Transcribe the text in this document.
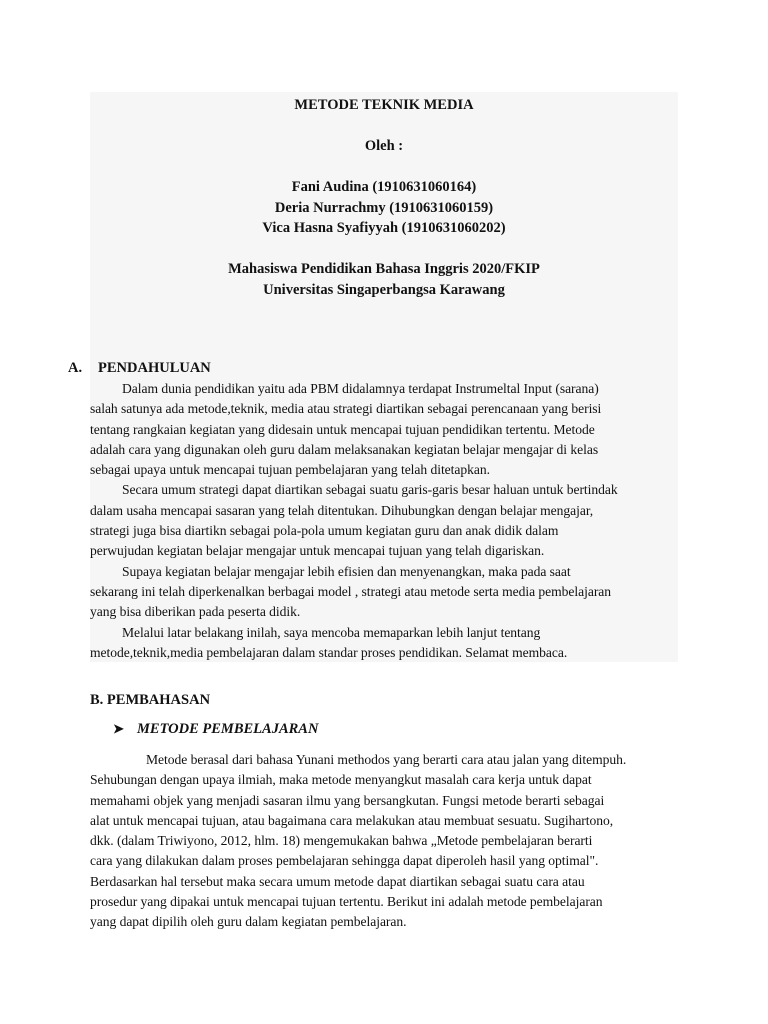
METODE TEKNIK MEDIA
Oleh :
Fani Audina (1910631060164)
Deria Nurrachmy (1910631060159)
Vica Hasna Syafiyyah (1910631060202)
Mahasiswa Pendidikan Bahasa Inggris 2020/FKIP
Universitas Singaperbangsa Karawang
A. PENDAHULUAN
Dalam dunia pendidikan yaitu ada PBM didalamnya terdapat Instrumeltal Input (sarana)
salah satunya ada metode,teknik, media atau strategi diartikan sebagai perencanaan yang berisi
tentang rangkaian kegiatan yang didesain untuk mencapai tujuan pendidikan tertentu. Metode
adalah cara yang digunakan oleh guru dalam melaksanakan kegiatan belajar mengajar di kelas
sebagai upaya untuk mencapai tujuan pembelajaran yang telah ditetapkan.
Secara umum strategi dapat diartikan sebagai suatu garis-garis besar haluan untuk bertindak
dalam usaha mencapai sasaran yang telah ditentukan. Dihubungkan dengan belajar mengajar,
strategi juga bisa diartikn sebagai pola-pola umum kegiatan guru dan anak didik dalam
perwujudan kegiatan belajar mengajar untuk mencapai tujuan yang telah digariskan.
Supaya kegiatan belajar mengajar lebih efisien dan menyenangkan, maka pada saat
sekarang ini telah diperkenalkan berbagai model , strategi atau metode serta media pembelajaran
yang bisa diberikan pada peserta didik.
Melalui latar belakang inilah, saya mencoba memaparkan lebih lanjut tentang
metode,teknik,media pembelajaran dalam standar proses pendidikan. Selamat membaca.
B. PEMBAHASAN
➤ METODE PEMBELAJARAN
Metode berasal dari bahasa Yunani methodos yang berarti cara atau jalan yang ditempuh.
Sehubungan dengan upaya ilmiah, maka metode menyangkut masalah cara kerja untuk dapat
memahami objek yang menjadi sasaran ilmu yang bersangkutan. Fungsi metode berarti sebagai
alat untuk mencapai tujuan, atau bagaimana cara melakukan atau membuat sesuatu. Sugihartono,
dkk. (dalam Triwiyono, 2012, hlm. 18) mengemukakan bahwa „Metode pembelajaran berarti
cara yang dilakukan dalam proses pembelajaran sehingga dapat diperoleh hasil yang optimal".
Berdasarkan hal tersebut maka secara umum metode dapat diartikan sebagai suatu cara atau
prosedur yang dipakai untuk mencapai tujuan tertentu. Berikut ini adalah metode pembelajaran
yang dapat dipilih oleh guru dalam kegiatan pembelajaran.
